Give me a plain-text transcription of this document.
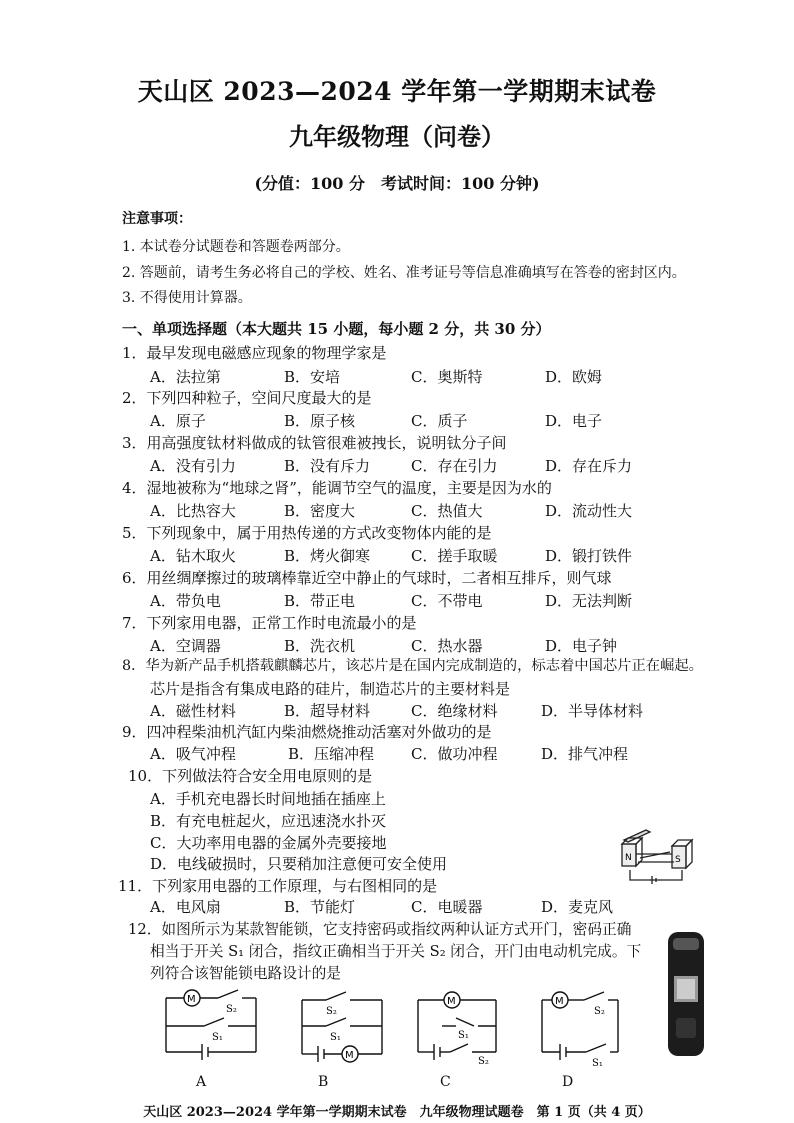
天山区 2023—2024 学年第一学期期末试卷
九年级物理（问卷）
(分值：100 分　考试时间：100 分钟)
注意事项：
1. 本试卷分试题卷和答题卷两部分。
2. 答题前，请考生务必将自己的学校、姓名、准考证号等信息准确填写在答卷的密封区内。
3. 不得使用计算器。
一、单项选择题（本大题共 15 小题，每小题 2 分，共 30 分）
1．最早发现电磁感应现象的物理学家是
A．法拉第	B．安培	C．奥斯特	D．欧姆
2．下列四种粒子，空间尺度最大的是
A．原子	B．原子核	C．质子	D．电子
3．用高强度钛材料做成的钛管很难被拽长，说明钛分子间
A．没有引力	B．没有斥力	C．存在引力	D．存在斥力
4．湿地被称为“地球之肾”，能调节空气的温度，主要是因为水的
A．比热容大	B．密度大	C．热值大	D．流动性大
5．下列现象中，属于用热传递的方式改变物体内能的是
A．钻木取火	B．烤火御寒	C．搓手取暖	D．锻打铁件
6．用丝绸摩擦过的玻璃棒靠近空中静止的气球时，二者相互排斥，则气球
A．带负电	B．带正电	C．不带电	D．无法判断
7．下列家用电器，正常工作时电流最小的是
A．空调器	B．洗衣机	C．热水器	D．电子钟
8．华为新产品手机搭载麒麟芯片，该芯片是在国内完成制造的，标志着中国芯片正在崛起。
芯片是指含有集成电路的硅片，制造芯片的主要材料是
A．磁性材料	B．超导材料	C．绝缘材料	D．半导体材料
9．四冲程柴油机汽缸内柴油燃烧推动活塞对外做功的是
A．吸气冲程	B．压缩冲程 C．做功冲程	D．排气冲程
10．下列做法符合安全用电原则的是
A．手机充电器长时间地插在插座上
B．有充电桩起火，应迅速浇水扑灭
C．大功率用电器的金属外壳要接地
D．电线破损时，只要稍加注意便可安全使用
11．下列家用电器的工作原理，与右图相同的是
A．电风扇	B．节能灯	C．电暖器	D．麦克风
12．如图所示为某款智能锁，它支持密码或指纹两种认证方式开门，密码正确
相当于开关 S₁ 闭合，指纹正确相当于开关 S₂ 闭合，开门由电动机完成。下
列符合该智能锁电路设计的是
N	S
M
S₂
S₁
A
M
S₂
S₁
B
M
S₁
S₂
C
M
S₂
S₁
D
天山区 2023—2024 学年第一学期期末试卷　九年级物理试题卷　第 1 页（共 4 页）
